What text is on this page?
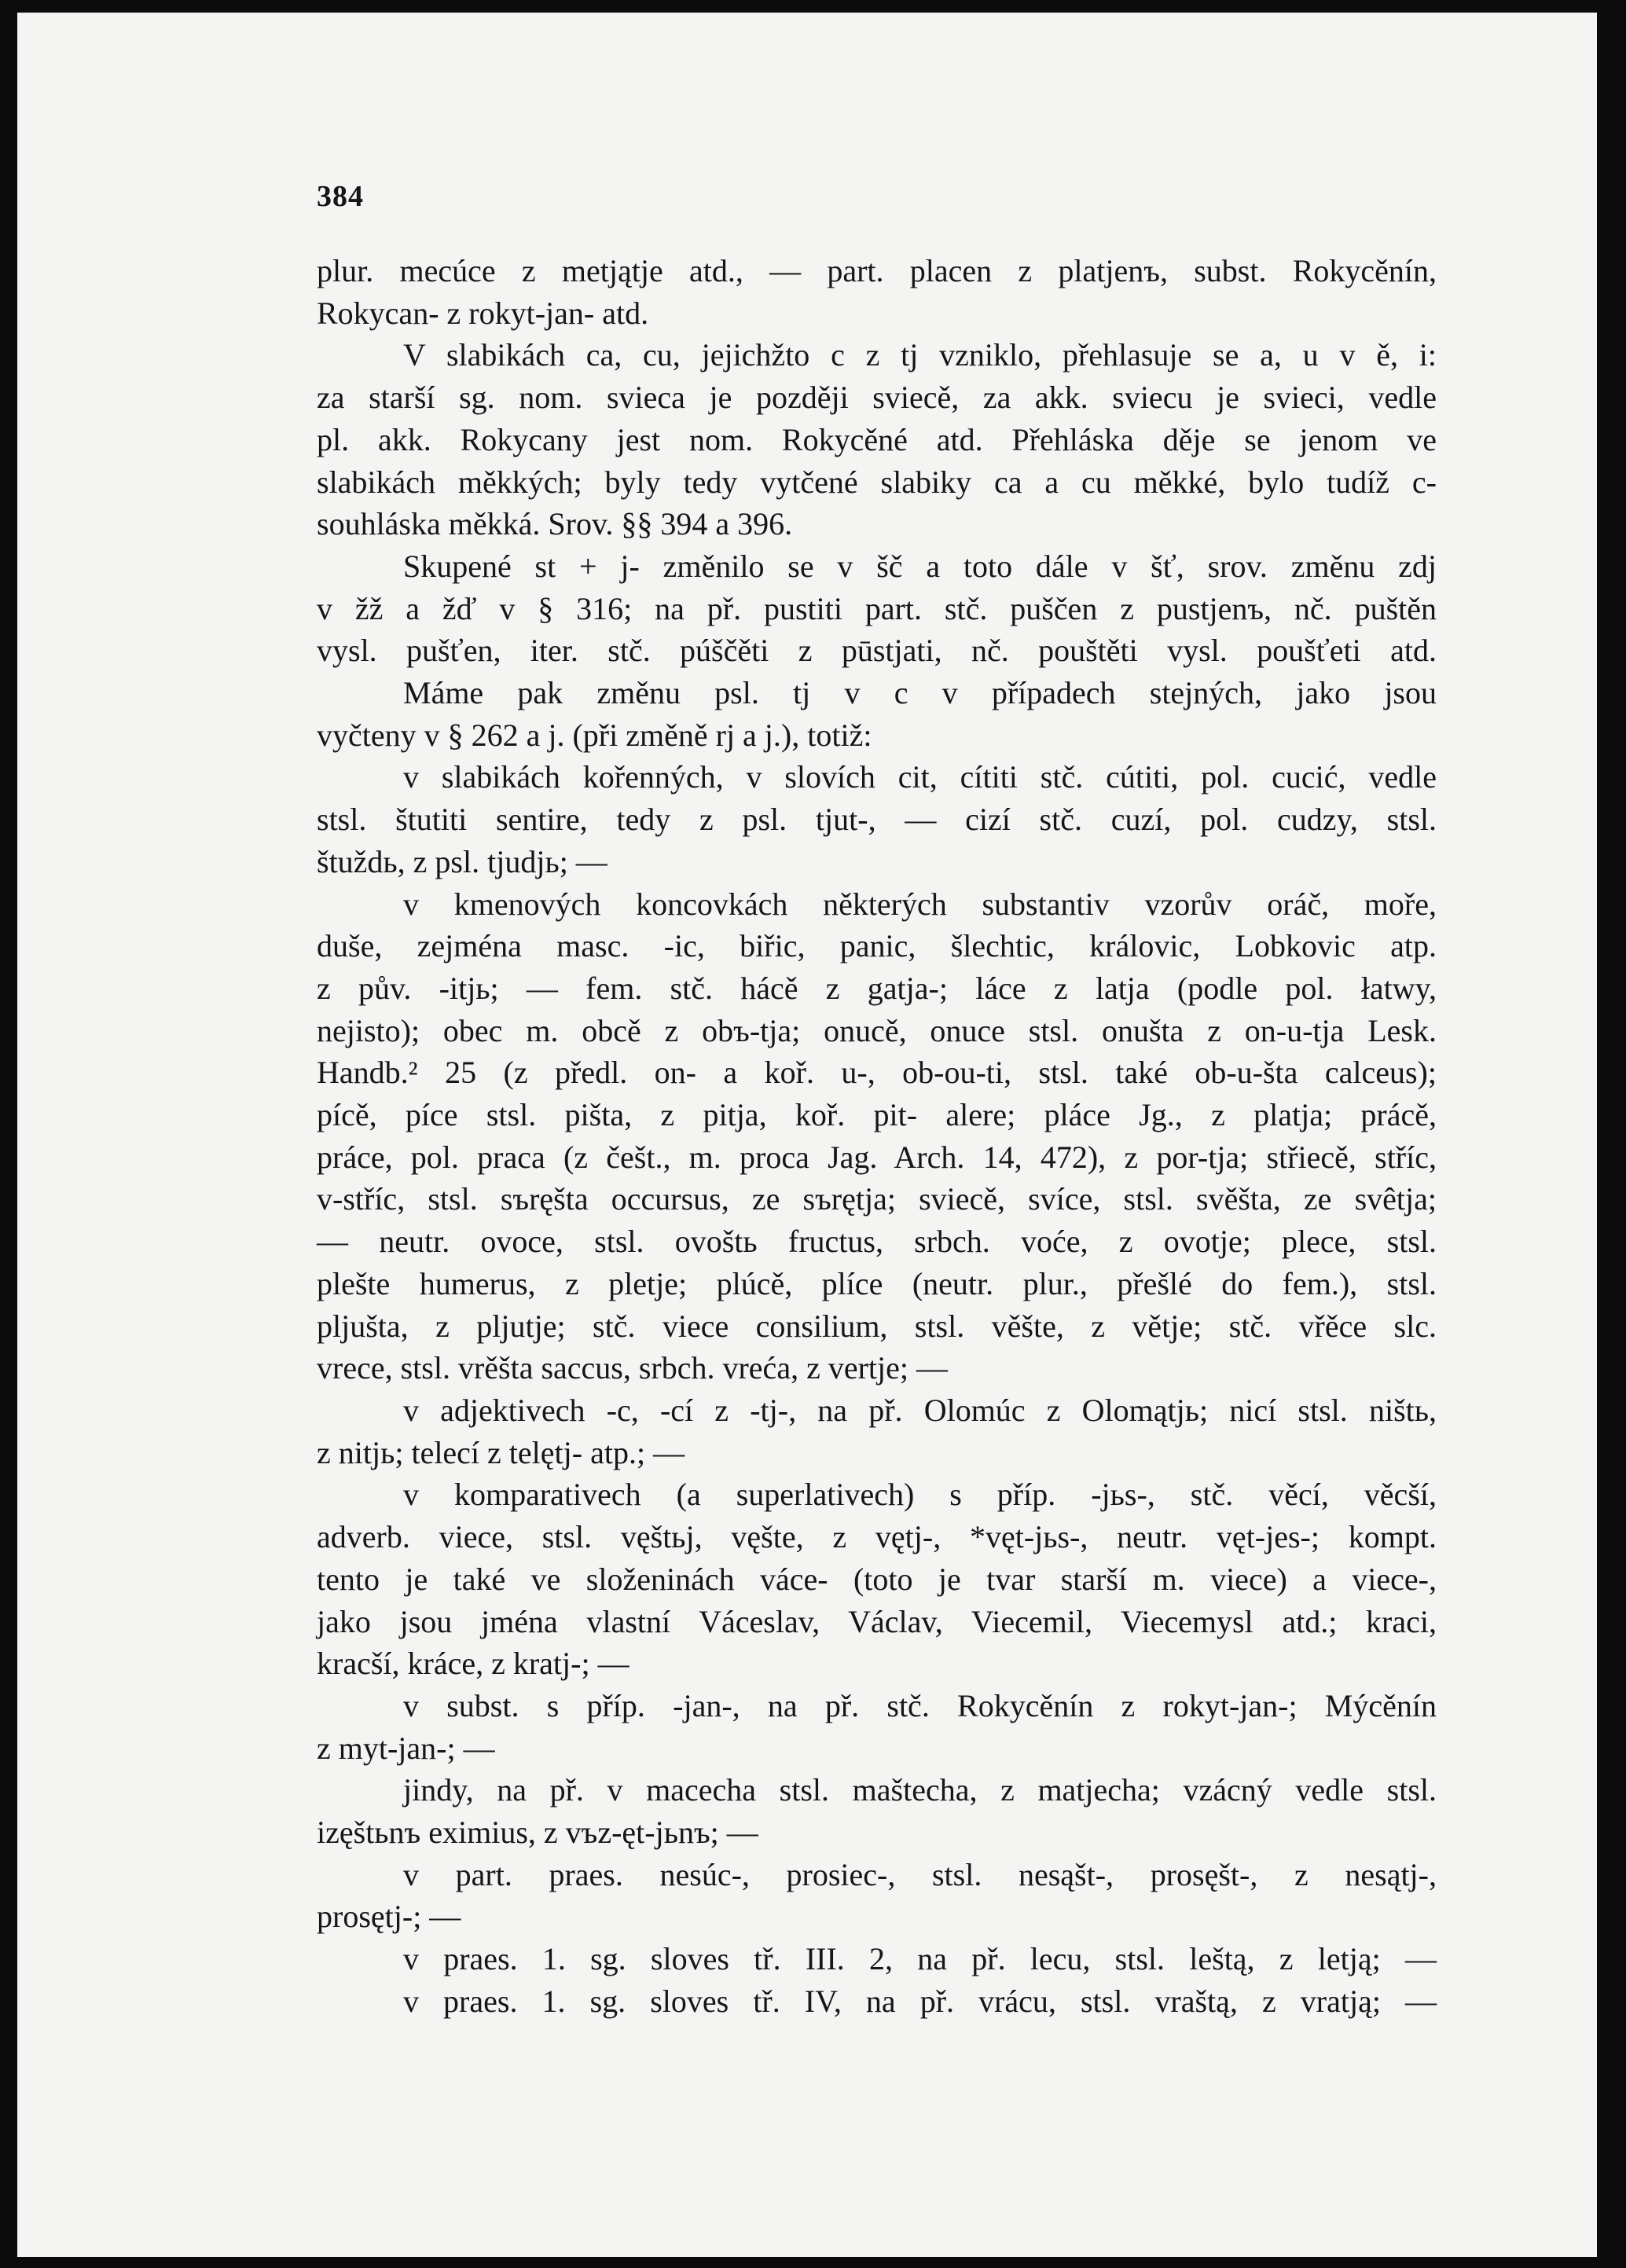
384
plur. mecúce z metjątje atd., — part. placen z platjenъ, subst. Rokycěnín,
Rokycan- z rokyt-jan- atd.
V slabikách ca, cu, jejichžto c z tj vzniklo, přehlasuje se a, u v ě, i:
za starší sg. nom. sviеca je později sviecě, za akk. sviecu je svieci, vedle
pl. akk. Rokycany jest nom. Rokycěné atd. Přehláska děje se jenom ve
slabikách měkkých; byly tedy vytčené slabiky ca a cu měkké, bylo tudíž c-
souhláska měkká. Srov. §§ 394 a 396.
Skupené st + j- změnilo se v šč a toto dále v šť, srov. změnu zdj
v žž a žď v § 316; na př. pustiti part. stč. puščen z pustjenъ, nč. puštěn
vysl. pušťen, iter. stč. púščěti z pūstjati, nč. pouštěti vysl. poušťeti atd.
Máme pak změnu psl. tj v c v případech stejných, jako jsou
vyčteny v § 262 a j. (při změně rj a j.), totiž:
v slabikách kořenných, v slovích cit, cítiti stč. cútiti, pol. cucić, vedle
stsl. štutiti sentire, tedy z psl. tjut-, — cizí stč. cuzí, pol. cudzy, stsl.
štuždь, z psl. tjudjь; —
v kmenových koncovkách některých substantiv vzorův oráč, moře,
duše, zejména masc. -ic, biřic, panic, šlechtic, královic, Lobkovic atp.
z pův. -itjь; — fem. stč. hácě z gatja-; láce z latja (podle pol. łatwy,
nejisto); obec m. obcě z obъ-tja; onucě, onuce stsl. onušta z on-u-tja Lesk.
Handb.² 25 (z předl. on- a koř. u-, ob-ou-ti, stsl. také ob-u-šta calceus);
pícě, píce stsl. pišta, z pitja, koř. pit- alere; pláce Jg., z platja; prácě,
práce, pol. praca (z češt., m. proca Jag. Arch. 14, 472), z por-tja; střiecě, stříc,
v-stříc, stsl. sъręšta occursus, ze sъrętja; sviecě, svíce, stsl. svěšta, ze svêtja;
— neutr. ovoce, stsl. ovoštь fructus, srbch. voće, z ovotje; plece, stsl.
plešte humerus, z pletje; plúcě, plíce (neutr. plur., přešlé do fem.), stsl.
pljušta, z pljutje; stč. viece consilium, stsl. věšte, z větje; stč. vřěce slc.
vrece, stsl. vrěšta saccus, srbch. vreća, z vertje; —
v adjektivech -c, -cí z -tj-, na př. Olomúc z Olomątjь; nicí stsl. ništь,
z nitjь; telecí z telętj- atp.; —
v komparativech (a superlativech) s příp. -jьs-, stč. věcí, věcší,
adverb. viece, stsl. vęštьj, vęšte, z vętj-, *vęt-jьs-, neutr. vęt-jes-; kompt.
tento je také ve složeninách váce- (toto je tvar starší m. viece) a viece-,
jako jsou jména vlastní Váceslav, Václav, Viecemil, Viecemysl atd.; kraci,
kracší, kráce, z kratj-; —
v subst. s příp. -jan-, na př. stč. Rokycěnín z rokyt-jan-; Mýcěnín
z myt-jan-; —
jindy, na př. v macecha stsl. maštecha, z matjecha; vzácný vedle stsl.
izęštьnъ eximius, z vъz-ęt-jьnъ; —
v part. praes. nesúc-, prosiec-, stsl. nesąšt-, prosęšt-, z nesątj-,
prosętj-; —
v praes. 1. sg. sloves tř. III. 2, na př. lecu, stsl. leštą, z letją; —
v praes. 1. sg. sloves tř. IV, na př. vrácu, stsl. vraštą, z vratją; —
